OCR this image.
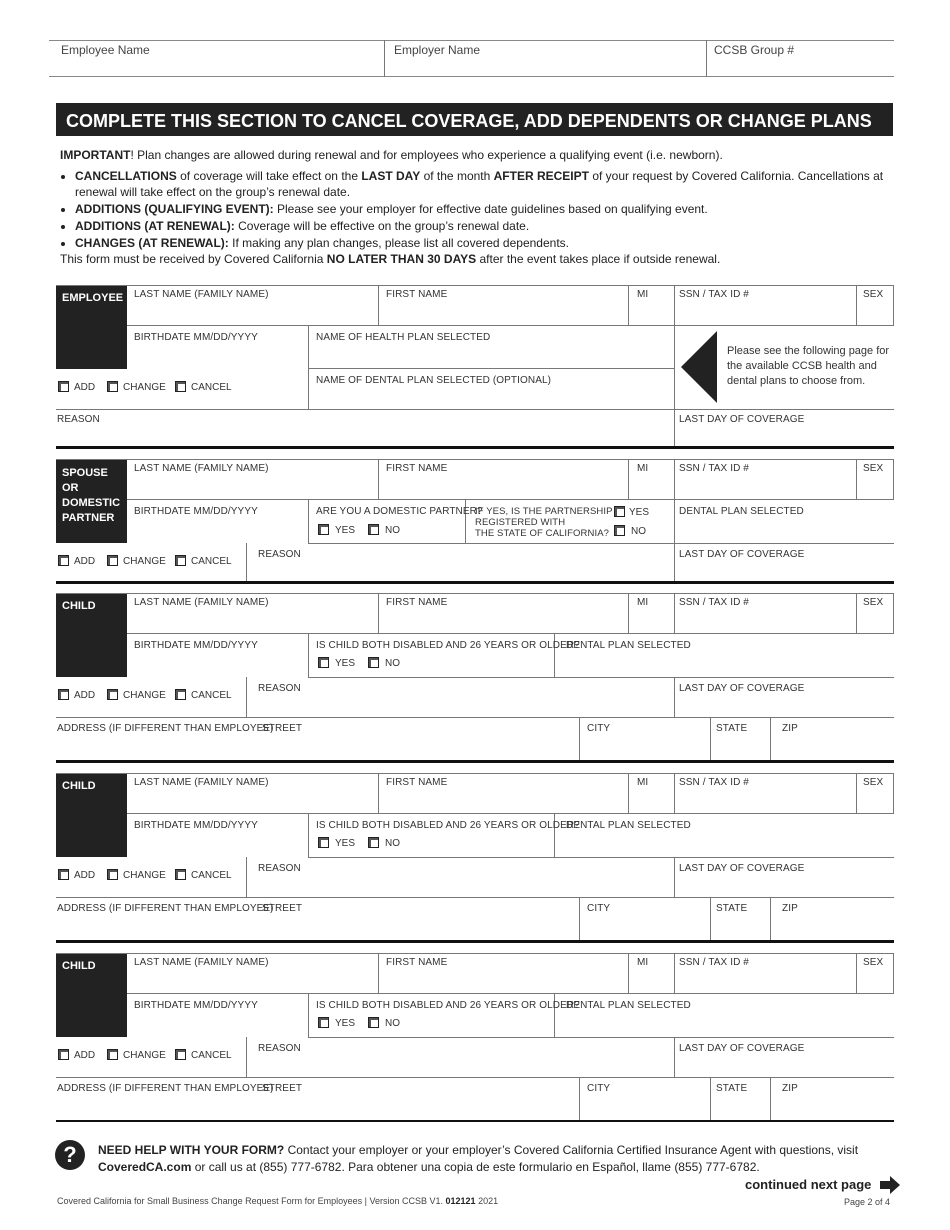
Employee Name	Employer Name	CCSB Group #
COMPLETE THIS SECTION TO CANCEL COVERAGE, ADD DEPENDENTS OR CHANGE PLANS
IMPORTANT! Plan changes are allowed during renewal and for employees who experience a qualifying event (i.e. newborn).
• CANCELLATIONS of coverage will take effect on the LAST DAY of the month AFTER RECEIPT of your request by Covered California. Cancellations at renewal will take effect on the group’s renewal date.
• ADDITIONS (QUALIFYING EVENT): Please see your employer for effective date guidelines based on qualifying event.
• ADDITIONS (AT RENEWAL): Coverage will be effective on the group’s renewal date.
• CHANGES (AT RENEWAL): If making any plan changes, please list all covered dependents.
This form must be received by Covered California NO LATER THAN 30 DAYS after the event takes place if outside renewal.
EMPLOYEE LAST NAME (FAMILY NAME)	FIRST NAME	MI	SSN / TAX ID #	SEX
BIRTHDATE MM/DD/YYYY	NAME OF HEALTH PLAN SELECTED
NAME OF DENTAL PLAN SELECTED (OPTIONAL)
Please see the following page for the available CCSB health and dental plans to choose from.
ADD	CHANGE	CANCEL
REASON	LAST DAY OF COVERAGE
SPOUSE
OR
DOMESTIC
PARTNER
LAST NAME (FAMILY NAME)	FIRST NAME	MI	SSN / TAX ID #	SEX
BIRTHDATE MM/DD/YYYY	ARE YOU A DOMESTIC PARTNER?
YES	NO
IF YES, IS THE PARTNERSHIP
REGISTERED WITH
THE STATE OF CALIFORNIA?
YES
NO
DENTAL PLAN SELECTED
ADD	CHANGE	CANCEL
REASON	LAST DAY OF COVERAGE
CHILD	LAST NAME (FAMILY NAME)	FIRST NAME	MI	SSN / TAX ID #	SEX
BIRTHDATE MM/DD/YYYY	IS CHILD BOTH DISABLED AND 26 YEARS OR OLDER?
YES	NO
DENTAL PLAN SELECTED
ADD	CHANGE	CANCEL
REASON	LAST DAY OF COVERAGE
ADDRESS (IF DIFFERENT THAN EMPLOYEE)
STREET	CITY	STATE	ZIP
CHILD	LAST NAME (FAMILY NAME)	FIRST NAME	MI	SSN / TAX ID #	SEX
BIRTHDATE MM/DD/YYYY	IS CHILD BOTH DISABLED AND 26 YEARS OR OLDER?
YES	NO
DENTAL PLAN SELECTED
ADD	CHANGE	CANCEL
REASON	LAST DAY OF COVERAGE
ADDRESS (IF DIFFERENT THAN EMPLOYEE)
STREET	CITY	STATE	ZIP
CHILD	LAST NAME (FAMILY NAME)	FIRST NAME	MI	SSN / TAX ID #	SEX
BIRTHDATE MM/DD/YYYY	IS CHILD BOTH DISABLED AND 26 YEARS OR OLDER?
YES	NO
DENTAL PLAN SELECTED
ADD	CHANGE	CANCEL
REASON	LAST DAY OF COVERAGE
ADDRESS (IF DIFFERENT THAN EMPLOYEE)
STREET	CITY	STATE	ZIP
?	NEED HELP WITH YOUR FORM? Contact your employer or your employer’s Covered California Certified Insurance Agent with questions, visit
CoveredCA.com or call us at (855) 777-6782. Para obtener una copia de este formulario en Español, llame (855) 777-6782.
continued next page
Covered California for Small Business Change Request Form for Employees | Version CCSB V1. 012121 2021	Page 2 of 4
